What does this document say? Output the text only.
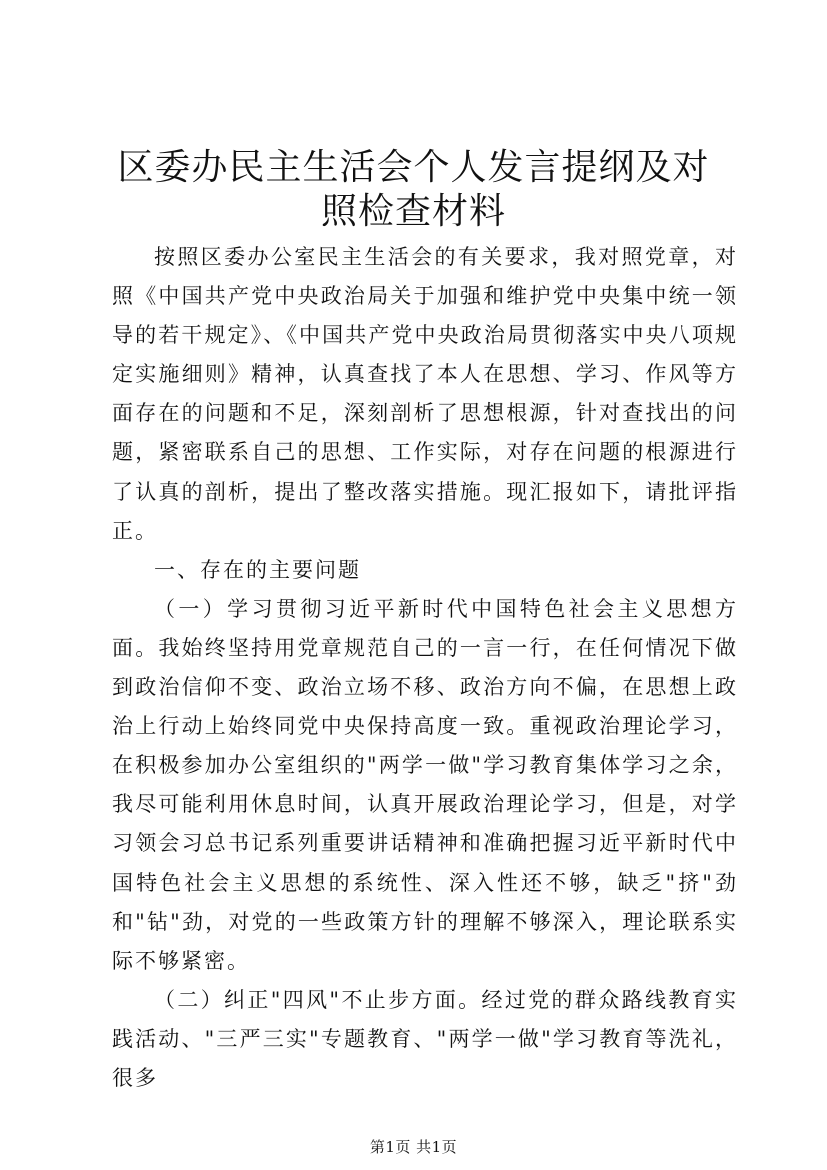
区委办民主生活会个人发言提纲及对照检查材料

按照区委办公室民主生活会的有关要求，我对照党章，对照《中国共产党中央政治局关于加强和维护党中央集中统一领导的若干规定》、《中国共产党中央政治局贯彻落实中央八项规定实施细则》精神，认真查找了本人在思想、学习、作风等方面存在的问题和不足，深刻剖析了思想根源，针对查找出的问题，紧密联系自己的思想、工作实际，对存在问题的根源进行了认真的剖析，提出了整改落实措施。现汇报如下，请批评指正。

一、存在的主要问题

（一）学习贯彻习近平新时代中国特色社会主义思想方面。我始终坚持用党章规范自己的一言一行，在任何情况下做到政治信仰不变、政治立场不移、政治方向不偏，在思想上政治上行动上始终同党中央保持高度一致。重视政治理论学习，在积极参加办公室组织的"两学一做"学习教育集体学习之余，我尽可能利用休息时间，认真开展政治理论学习，但是，对学习领会习总书记系列重要讲话精神和准确把握习近平新时代中国特色社会主义思想的系统性、深入性还不够，缺乏"挤"劲和"钻"劲，对党的一些政策方针的理解不够深入，理论联系实际不够紧密。

（二）纠正"四风"不止步方面。经过党的群众路线教育实践活动、"三严三实"专题教育、"两学一做"学习教育等洗礼，很多

第1页 共1页
